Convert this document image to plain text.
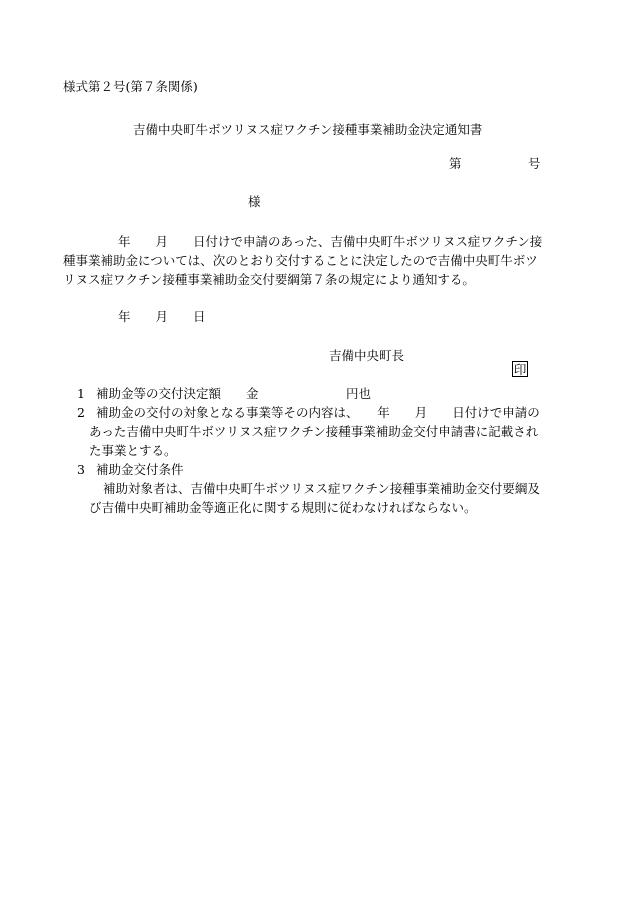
様式第２号(第７条関係)
吉備中央町牛ボツリヌス症ワクチン接種事業補助金決定通知書
第	号
様
年　　月　　日付けで申請のあった、吉備中央町牛ボツリヌス症ワクチン接
種事業補助金については、次のとおり交付することに決定したので吉備中央町牛ボツ
リヌス症ワクチン接種事業補助金交付要綱第７条の規定により通知する。
年　　月　　日
吉備中央町長

印

1 補助金等の交付決定額　　金　　　　　　　円也
2 補助金の交付の対象となる事業等その内容は、　　年　　月　　日付けで申請の
あった吉備中央町牛ボツリヌス症ワクチン接種事業補助金交付申請書に記載され
た事業とする。
3 補助金交付条件
補助対象者は、吉備中央町牛ボツリヌス症ワクチン接種事業補助金交付要綱及
び吉備中央町補助金等適正化に関する規則に従わなければならない。
